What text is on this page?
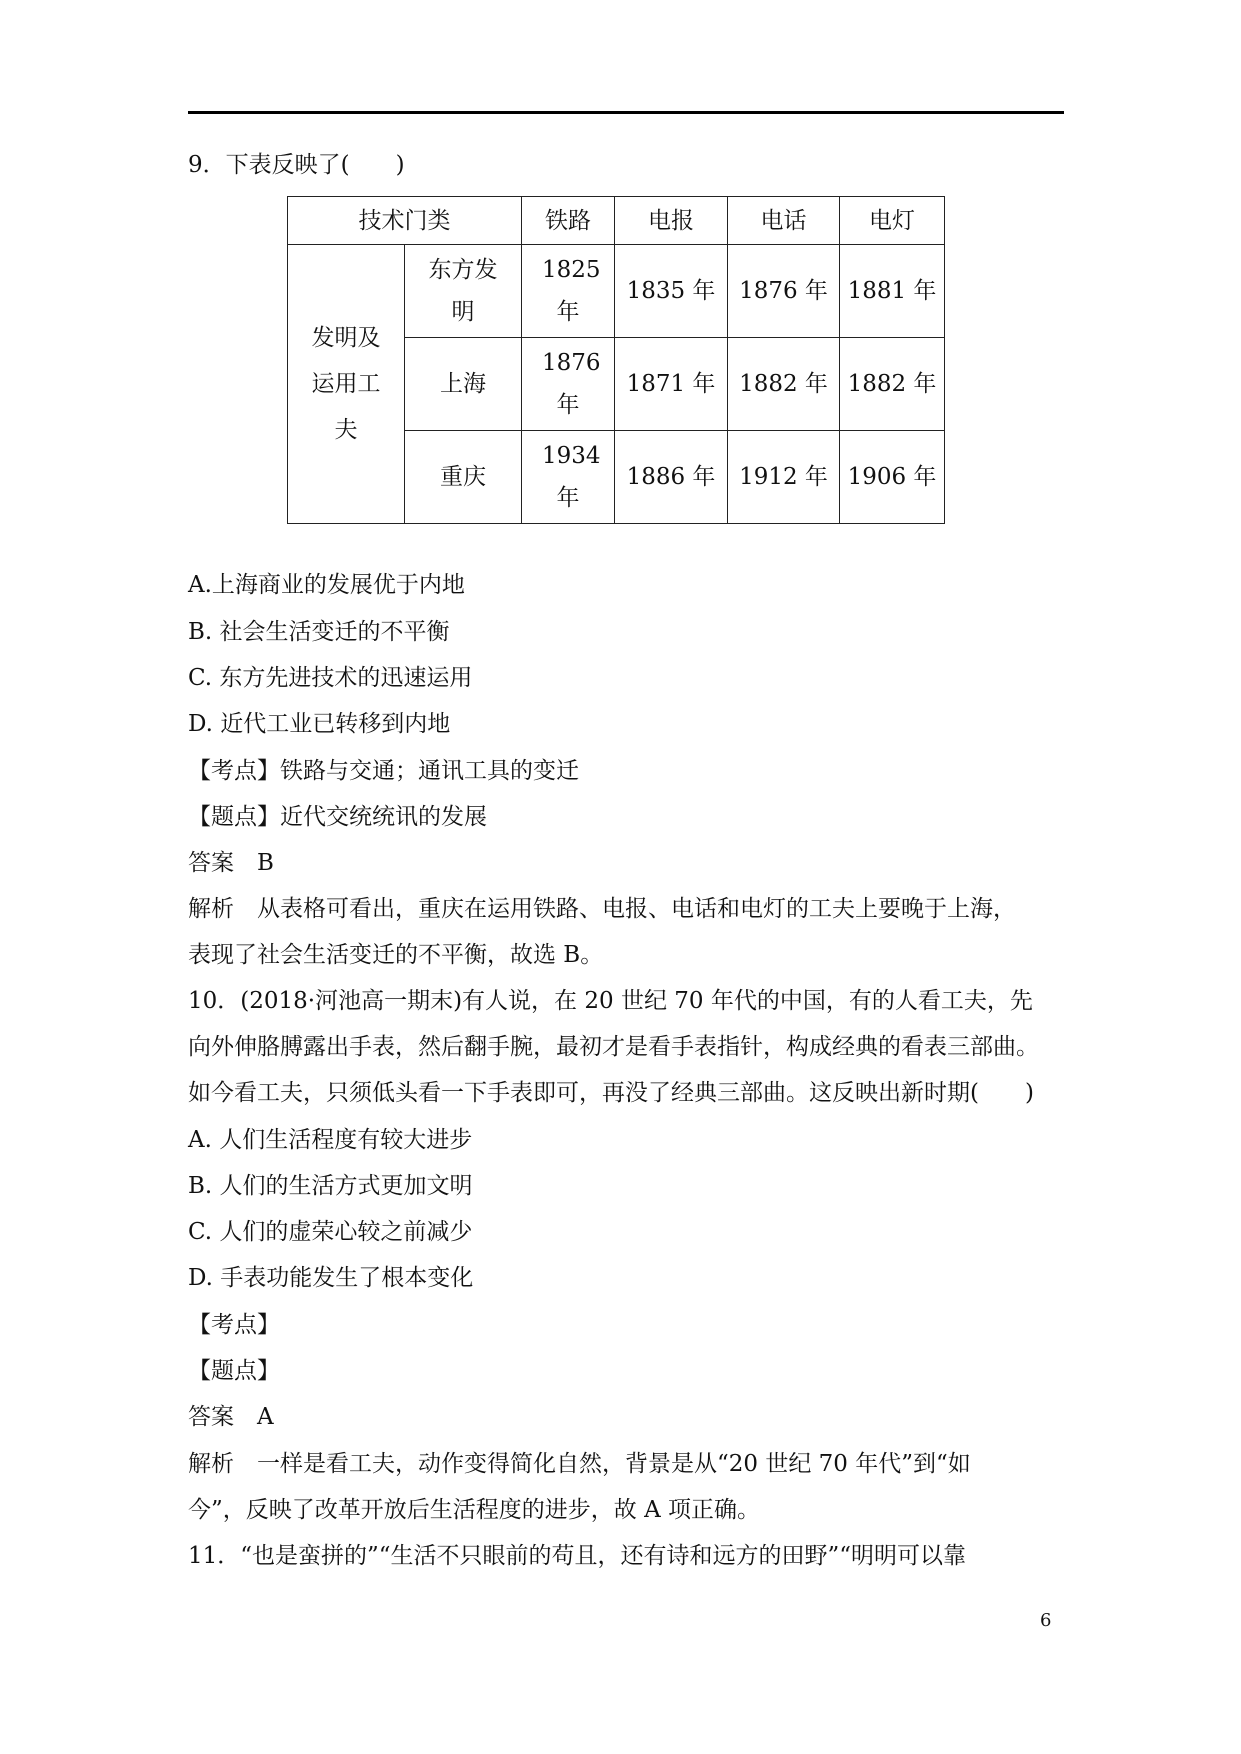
9．下表反映了(　　)
技术门类		铁路	电报	电话	电灯
发明及运用工夫	东方发明	1825年	1835 年	1876 年	1881 年
	上海	1876年	1871 年	1882 年	1882 年
	重庆	1934年	1886 年	1912 年	1906 年
A.上海商业的发展优于内地
B. 社会生活变迁的不平衡
C. 东方先进技术的迅速运用
D. 近代工业已转移到内地
【考点】铁路与交通；通讯工具的变迁
【题点】近代交统统讯的发展
答案　B
解析　从表格可看出，重庆在运用铁路、电报、电话和电灯的工夫上要晚于上海，
表现了社会生活变迁的不平衡，故选 B。
10．(2018·河池高一期末)有人说，在 20 世纪 70 年代的中国，有的人看工夫，先
向外伸胳膊露出手表，然后翻手腕，最初才是看手表指针，构成经典的看表三部曲。
如今看工夫，只须低头看一下手表即可，再没了经典三部曲。这反映出新时期(　　)
A. 人们生活程度有较大进步
B. 人们的生活方式更加文明
C. 人们的虚荣心较之前减少
D. 手表功能发生了根本变化
【考点】
【题点】
答案　A
解析　一样是看工夫，动作变得简化自然，背景是从“20 世纪 70 年代”到“如
今”，反映了改革开放后生活程度的进步，故 A 项正确。
11．“也是蛮拼的”“生活不只眼前的苟且，还有诗和远方的田野”“明明可以靠
6
